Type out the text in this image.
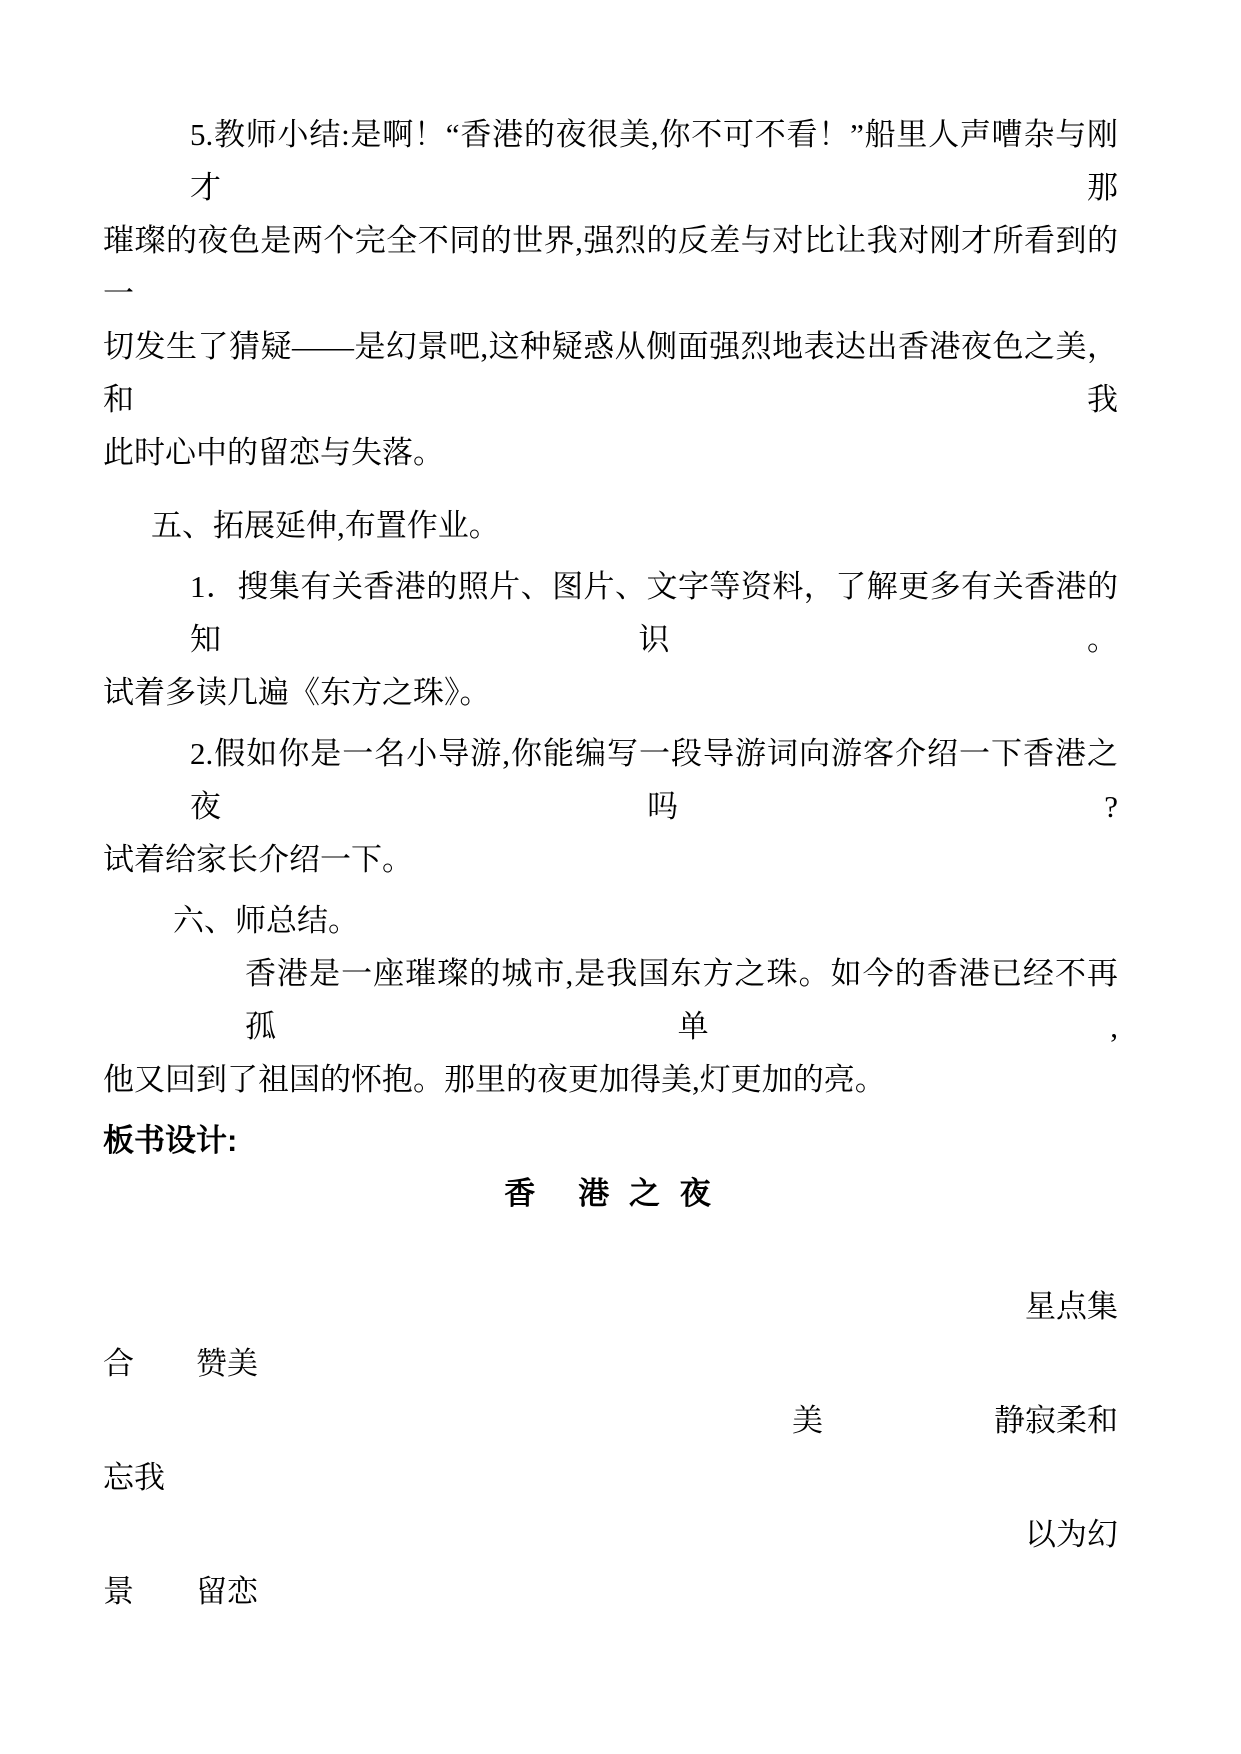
5.教师小结:是啊！“香港的夜很美,你不可不看！”船里人声嘈杂与刚才那
璀璨的夜色是两个完全不同的世界,强烈的反差与对比让我对刚才所看到的一
切发生了猜疑——是幻景吧,这种疑惑从侧面强烈地表达出香港夜色之美， 和我
此时心中的留恋与失落。
五、拓展延伸,布置作业。
1．搜集有关香港的照片、图片、文字等资料，了解更多有关香港的知识。
试着多读几遍《东方之珠》。
2.假如你是一名小导游,你能编写一段导游词向游客介绍一下香港之夜吗?
试着给家长介绍一下。
六、师总结。
香港是一座璀璨的城市,是我国东方之珠。如今的香港已经不再孤单,
他又回到了祖国的怀抱。那里的夜更加得美,灯更加的亮。
板书设计:
香　港 之 夜
星点集
合　　赞美
美	静寂柔和
忘我
以为幻
景　　留恋
